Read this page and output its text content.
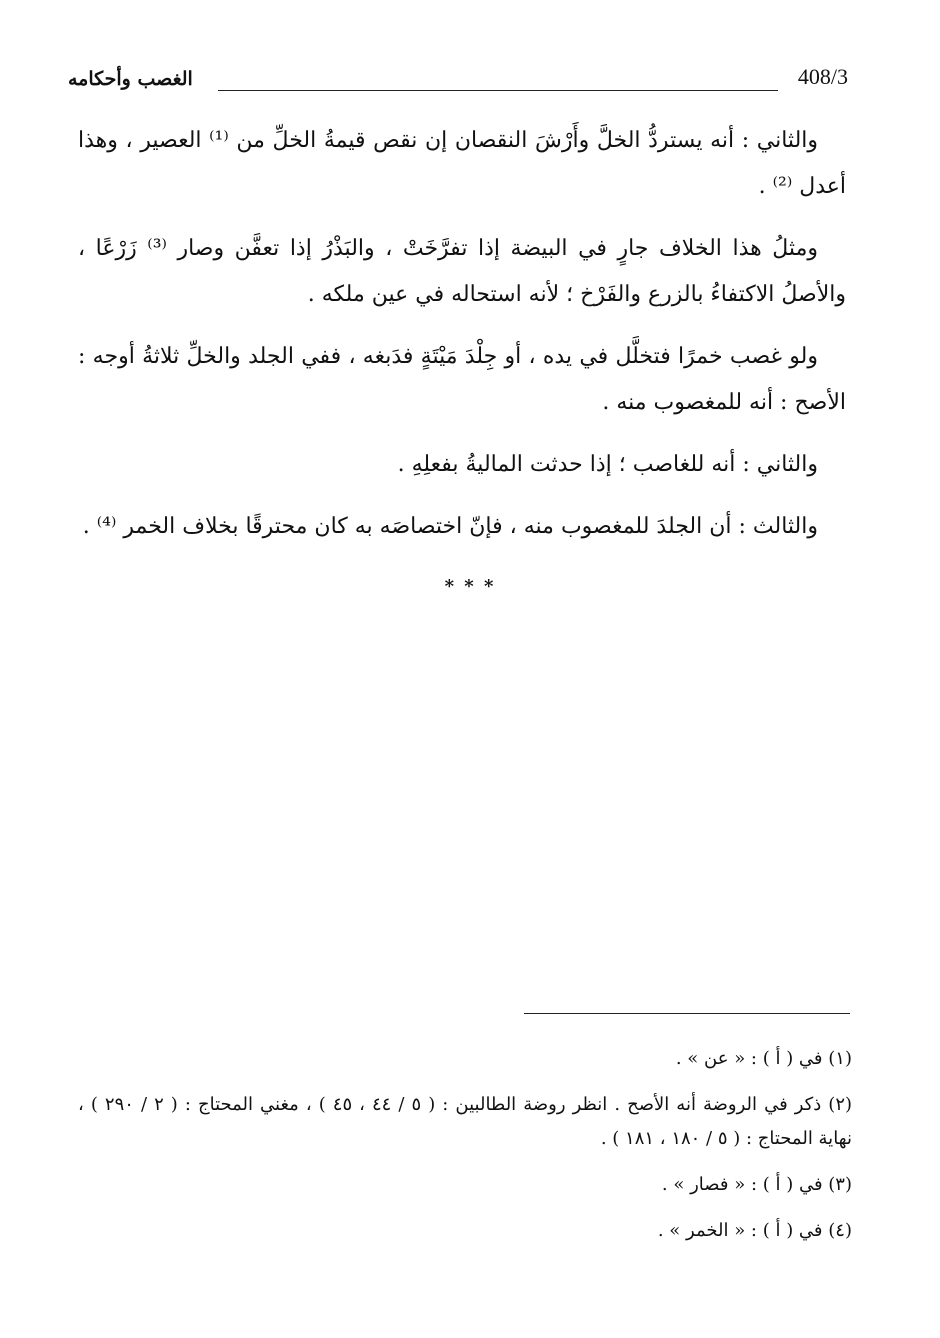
408/3
الغصب وأحكامه

والثاني : أنه يستردُّ الخلَّ وأَرْشَ النقصان إن نقص قيمةُ الخلِّ من ⁽¹⁾ العصير ، وهذا أعدل ⁽²⁾ .

ومثلُ هذا الخلاف جارٍ في البيضة إذا تفرَّخَتْ ، والبَذْرُ إذا تعفَّن وصار ⁽³⁾ زَرْعًا ، والأصلُ الاكتفاءُ بالزرع والفَرْخ ؛ لأنه استحاله في عين ملكه .

ولو غصب خمرًا فتخلَّل في يده ، أو جِلْدَ مَيْتَةٍ فدَبغه ، ففي الجلد والخلِّ ثلاثةُ أوجه : الأصح : أنه للمغصوب منه .

والثاني : أنه للغاصب ؛ إذا حدثت الماليةُ بفعلِهِ .

والثالث : أن الجلدَ للمغصوب منه ، فإنّ اختصاصَه به كان محترقًا بخلاف الخمر ⁽⁴⁾ .

* * *

(١) في ( أ ) : « عن » .

(٢) ذكر في الروضة أنه الأصح . انظر روضة الطالبين : ( ٥ / ٤٤ ، ٤٥ ) ، مغني المحتاج : ( ٢ / ٢٩٠ ) ، نهاية المحتاج : ( ٥ / ١٨٠ ، ١٨١ ) .

(٣) في ( أ ) : « فصار » .

(٤) في ( أ ) : « الخمر » .
